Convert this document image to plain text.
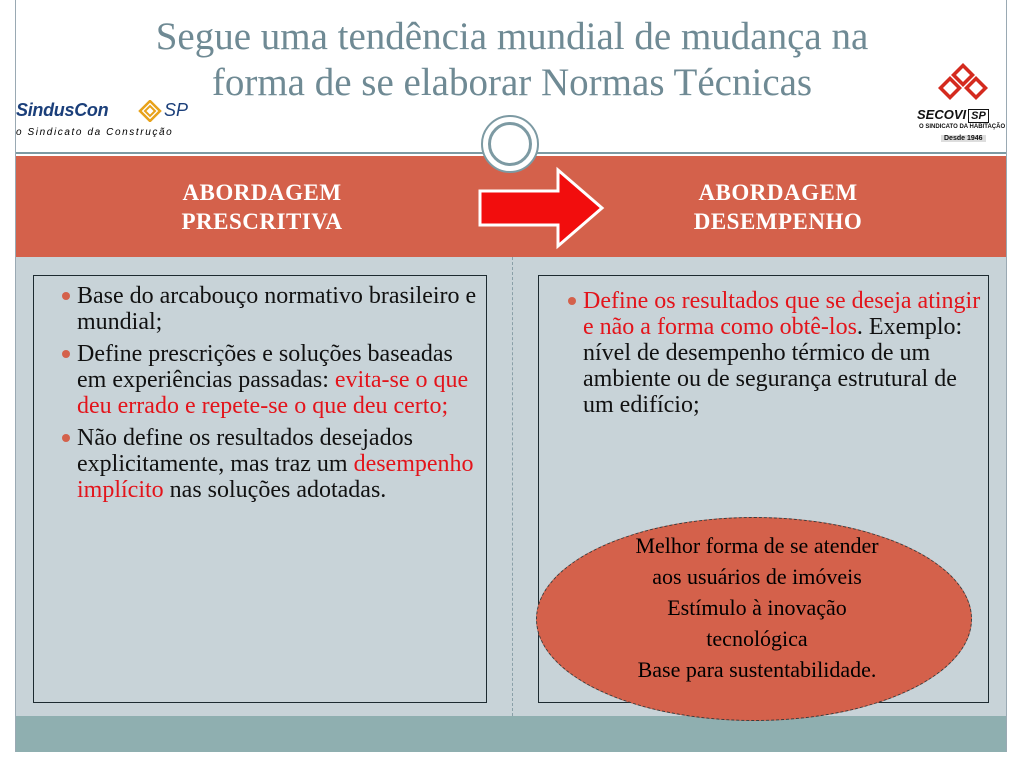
Segue uma tendência mundial de mudança na
forma de se elaborar Normas Técnicas
SindusCon	SP
o Sindicato da Construção
SECOVI SP
O SINDICATO DA HABITAÇÃO
Desde 1946
ABORDAGEM
PRESCRITIVA
ABORDAGEM
DESEMPENHO
Base do arcabouço normativo brasileiro e mundial;
Define prescrições e soluções baseadas em experiências passadas: evita-se o que deu errado e repete-se o que deu certo;
Não define os resultados desejados explicitamente, mas traz um desempenho implícito nas soluções adotadas.
Define os resultados que se deseja atingir e não a forma como obtê-los. Exemplo: nível de desempenho térmico de um ambiente ou de segurança estrutural de um edifício;
Melhor forma de se atender
aos usuários de imóveis
Estímulo à inovação
tecnológica
Base para sustentabilidade.
